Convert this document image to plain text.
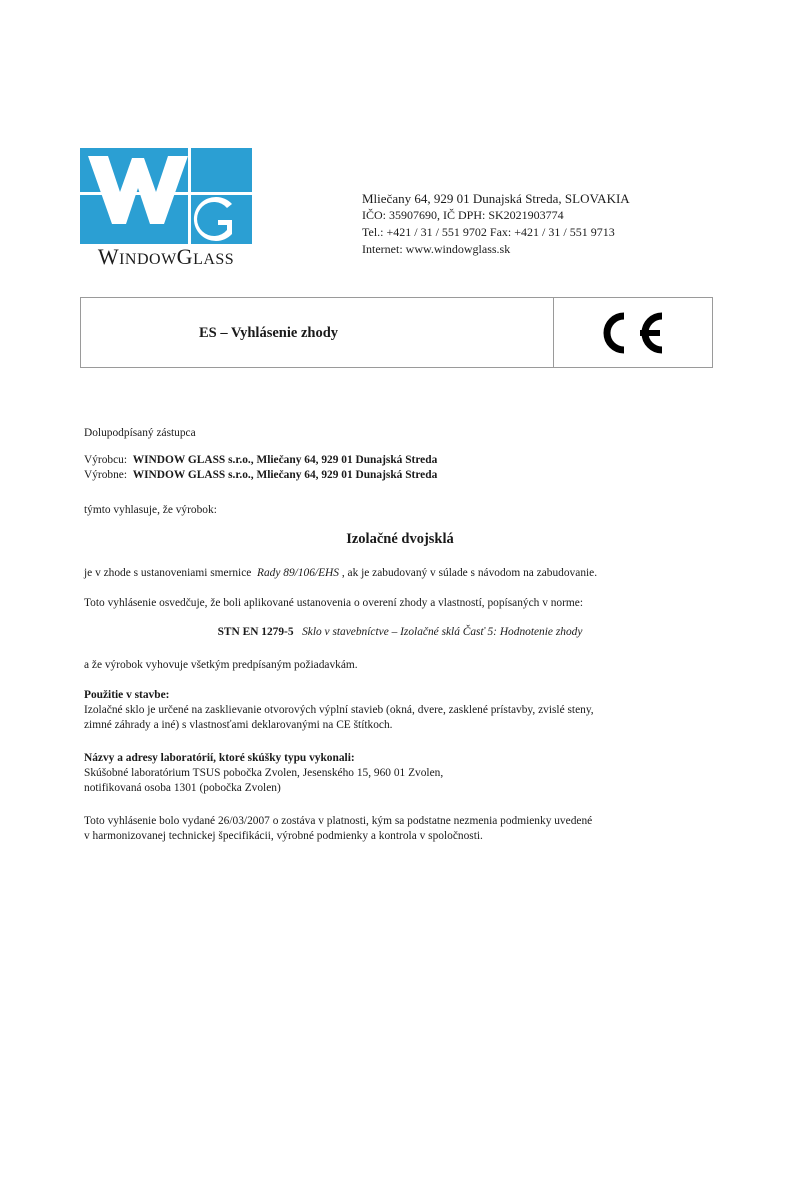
WINDOWGLASS
Mliečany 64, 929 01 Dunajská Streda, SLOVAKIA
IČO: 35907690, IČ DPH: SK2021903774
Tel.: +421 / 31 / 551 9702 Fax: +421 / 31 / 551 9713
Internet: www.windowglass.sk
ES – Vyhlásenie zhody
Dolupodpísaný zástupca
Výrobcu: WINDOW GLASS s.r.o., Mliečany 64, 929 01 Dunajská Streda
Výrobne: WINDOW GLASS s.r.o., Mliečany 64, 929 01 Dunajská Streda
týmto vyhlasuje, že výrobok:
Izolačné dvojsklá
je v zhode s ustanoveniami smernice Rady 89/106/EHS , ak je zabudovaný v súlade s návodom na zabudovanie.
Toto vyhlásenie osvedčuje, že boli aplikované ustanovenia o overení zhody a vlastností, popísaných v norme:
STN EN 1279-5 Sklo v stavebníctve – Izolačné sklá Časť 5: Hodnotenie zhody
a že výrobok vyhovuje všetkým predpísaným požiadavkám.
Použitie v stavbe:
Izolačné sklo je určené na zasklievanie otvorových výplní stavieb (okná, dvere, zasklené prístavby, zvislé steny,
zimné záhrady a iné) s vlastnosťami deklarovanými na CE štítkoch.
Názvy a adresy laboratórií, ktoré skúšky typu vykonali:
Skúšobné laboratórium TSUS pobočka Zvolen, Jesenského 15, 960 01 Zvolen,
notifikovaná osoba 1301 (pobočka Zvolen)
Toto vyhlásenie bolo vydané 26/03/2007 o zostáva v platnosti, kým sa podstatne nezmenia podmienky uvedené
v harmonizovanej technickej špecifikácii, výrobné podmienky a kontrola v spoločnosti.
